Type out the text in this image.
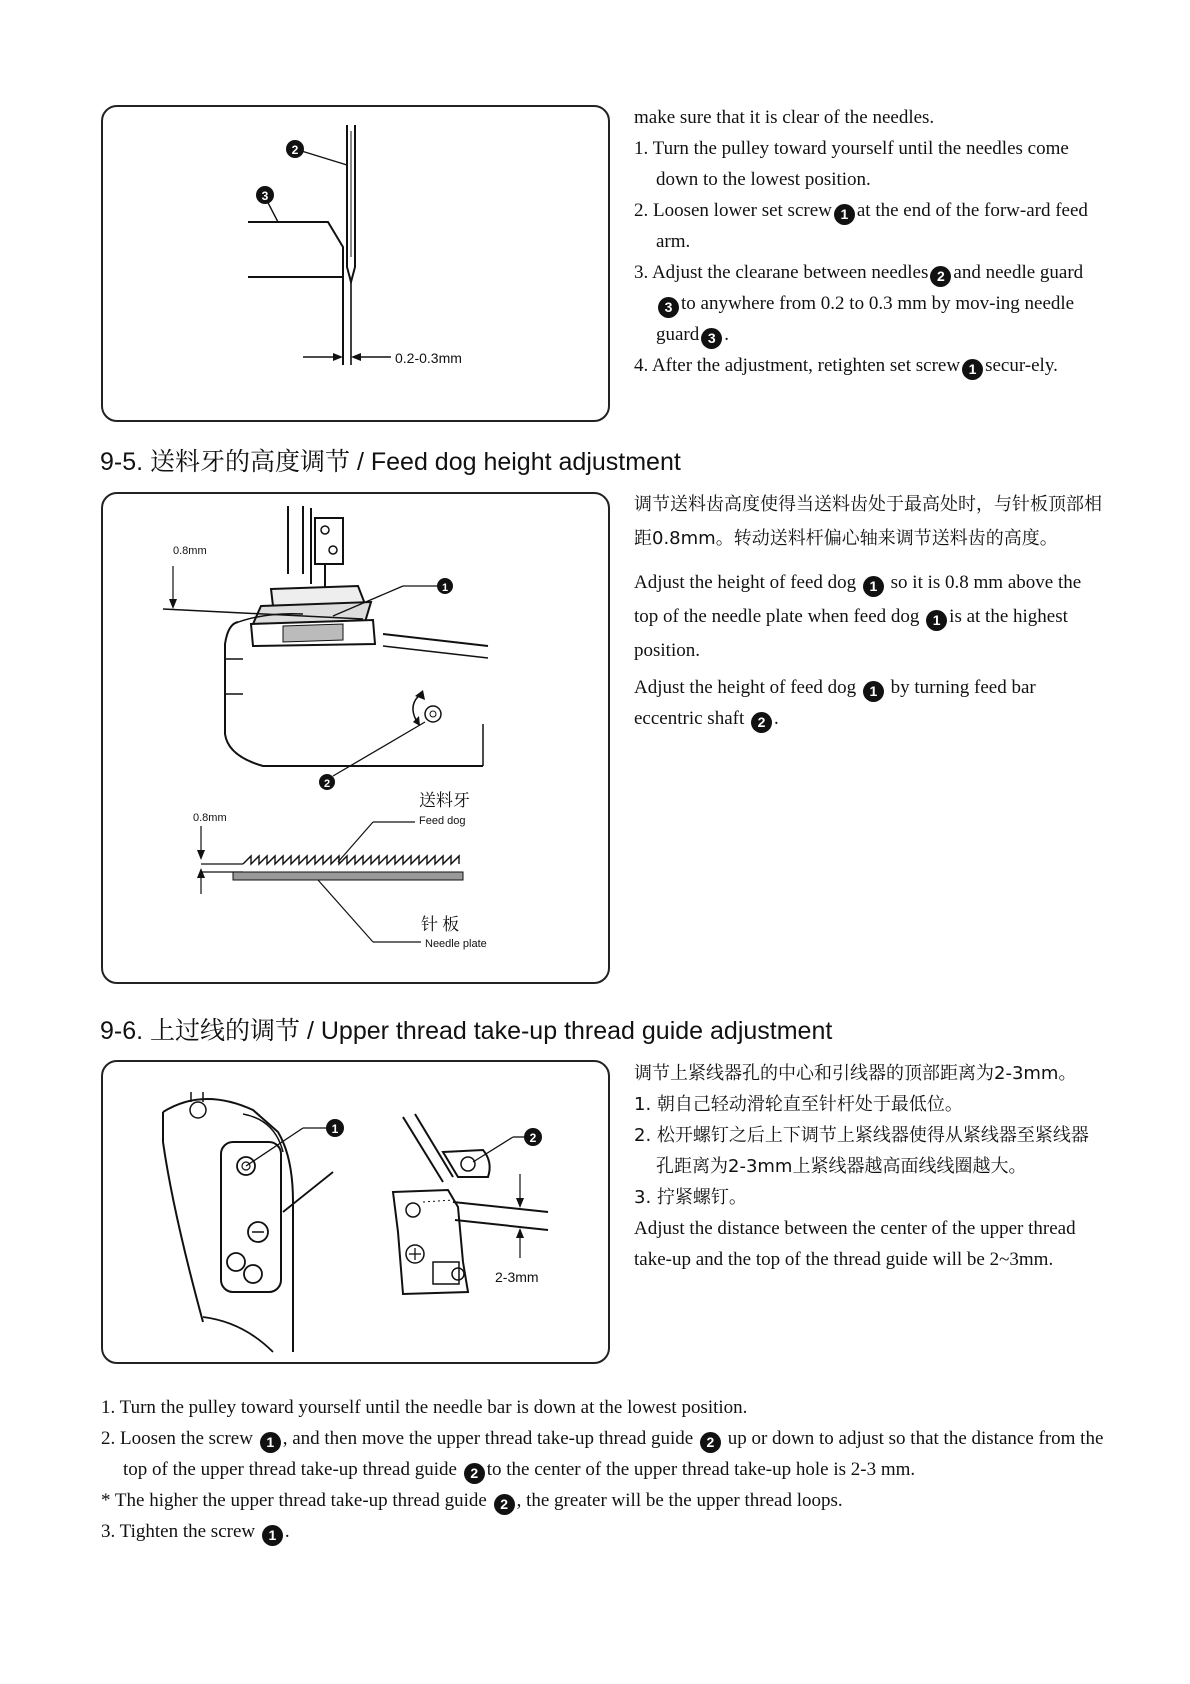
2
3
0.2-0.3mm

make sure that it is clear of the needles.

1. Turn the pulley toward yourself until the needles come down to the lowest position.

2. Loosen lower set screw 1 at the end of the forw-ard feed arm.

3. Adjust the clearane between needles 2 and needle guard3 to anywhere from 0.2 to 0.3 mm by mov-ing needle guard 3 .

4. After the adjustment, retighten set screw 1 secur-ely.

9-5. 送料牙的高度调节 / Feed dog height adjustment
0.8mm
1
2
送料牙
Feed dog
0.8mm
针 板
Needle plate

调节送料齿高度使得当送料齿处于最高处时，与针板顶部相距0.8mm。转动送料杆偏心轴来调节送料齿的高度。

Adjust the height of feed dog 1 so it is 0.8 mm above the top of the needle plate when feed dog 1 is at the highest position.

Adjust the height of feed dog 1 by turning feed bar eccentric shaft 2 .

9-6. 上过线的调节 / Upper thread take-up thread guide adjustment
1
2
2-3mm

调节上紧线器孔的中心和引线器的顶部距离为2-3mm。

1. 朝自己轻动滑轮直至针杆处于最低位。

2. 松开螺钉之后上下调节上紧线器使得从紧线器至紧线器孔距离为2-3mm上紧线器越高面线线圈越大。

3. 拧紧螺钉。

Adjust the distance between the center of the upper thread take-up and the top of the thread guide will be 2~3mm.

1. Turn the pulley toward yourself until the needle bar is down at the lowest position.

2. Loosen the screw 1 , and then move the upper thread take-up thread guide 2 up or down to adjust so that the distance from the top of the upper thread take-up thread guide 2 to the center of the upper thread take-up hole is 2-3 mm.

* The higher the upper thread take-up thread guide 2 , the greater will be the upper thread loops.

3. Tighten the screw 1 .
